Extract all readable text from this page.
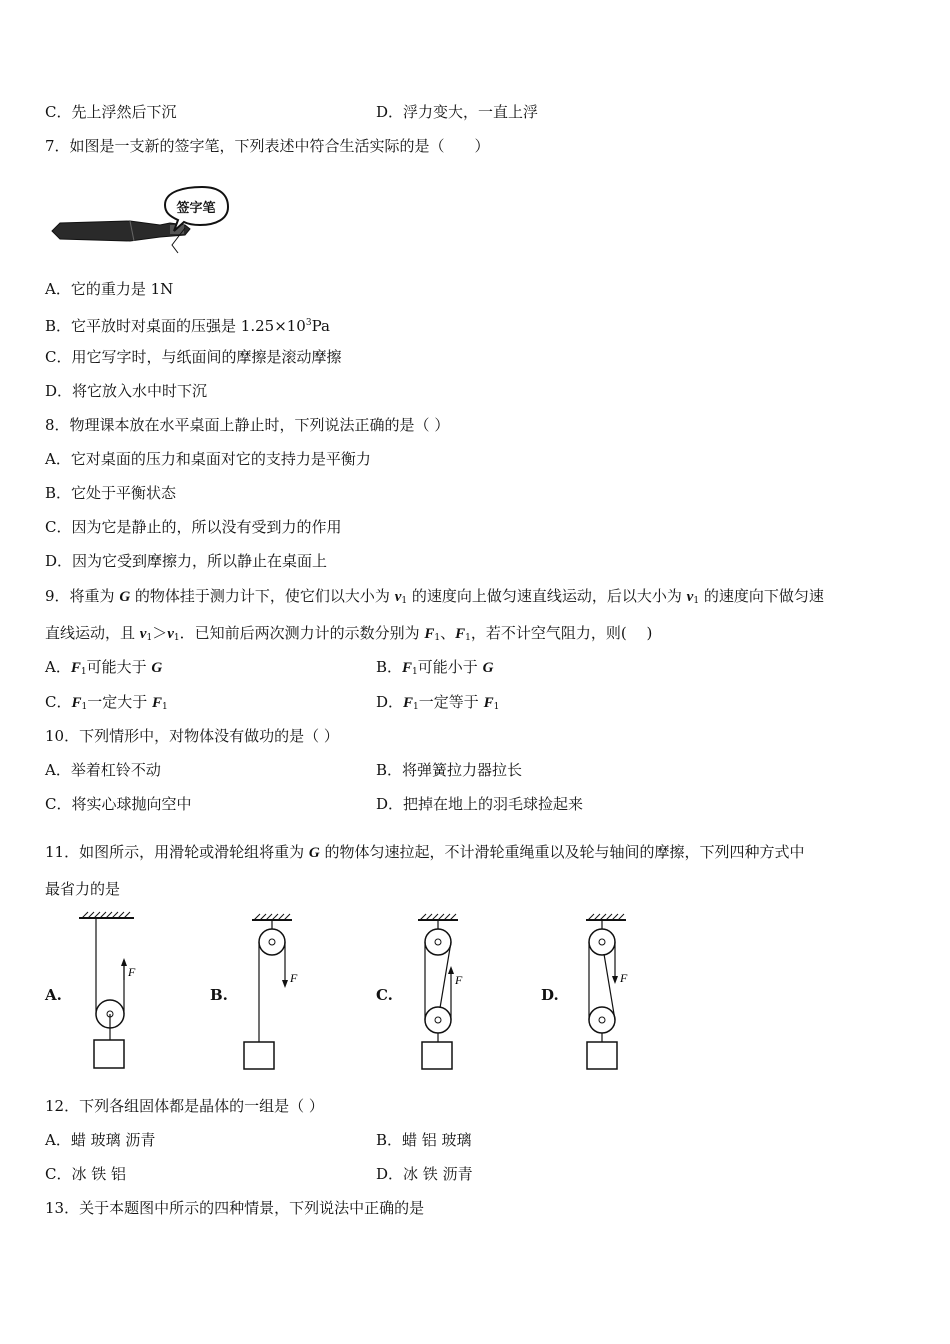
C．先上浮然后下沉	D．浮力变大，一直上浮
7．如图是一支新的签字笔，下列表述中符合生活实际的是（　　）
签字笔
A．它的重力是 1N
B．它平放时对桌面的压强是 $1.25\times 10^3Pa$
C．用它写字时，与纸面间的摩擦是滚动摩擦
D．将它放入水中时下沉
8．物理课本放在水平桌面上静止时，下列说法正确的是（ ）
A．它对桌面的压力和桌面对它的支持力是平衡力
B．它处于平衡状态
C．因为它是静止的，所以没有受到力的作用
D．因为它受到摩擦力，所以静止在桌面上
9．将重为 G 的物体挂于测力计下，使它们以大小为 $v_1$ 的速度向上做匀速直线运动，后以大小为 $v_1$ 的速度向下做匀速
直线运动，且 $v_1>v_1$．已知前后两次测力计的示数分别为 $F_1$、$F_1$，若不计空气阻力，则(　 )
A．$F_1$可能大于 G	B．$F_1$可能小于 G
C．$F_1$一定大于 $F_1$	D．$F_1$一定等于 $F_1$
10．下列情形中，对物体没有做功的是（ ）
A．举着杠铃不动	B．将弹簧拉力器拉长
C．将实心球抛向空中	D．把掉在地上的羽毛球捡起来
11．如图所示，用滑轮或滑轮组将重为 G 的物体匀速拉起，不计滑轮重绳重以及轮与轴间的摩擦，下列四种方式中
最省力的是
A.	B.	C.	D.
F	F	F	F
12．下列各组固体都是晶体的一组是（ ）
A．蜡 玻璃 沥青	B．蜡 铝 玻璃
C．冰 铁 铝	D．冰 铁 沥青
13．关于本题图中所示的四种情景，下列说法中正确的是
